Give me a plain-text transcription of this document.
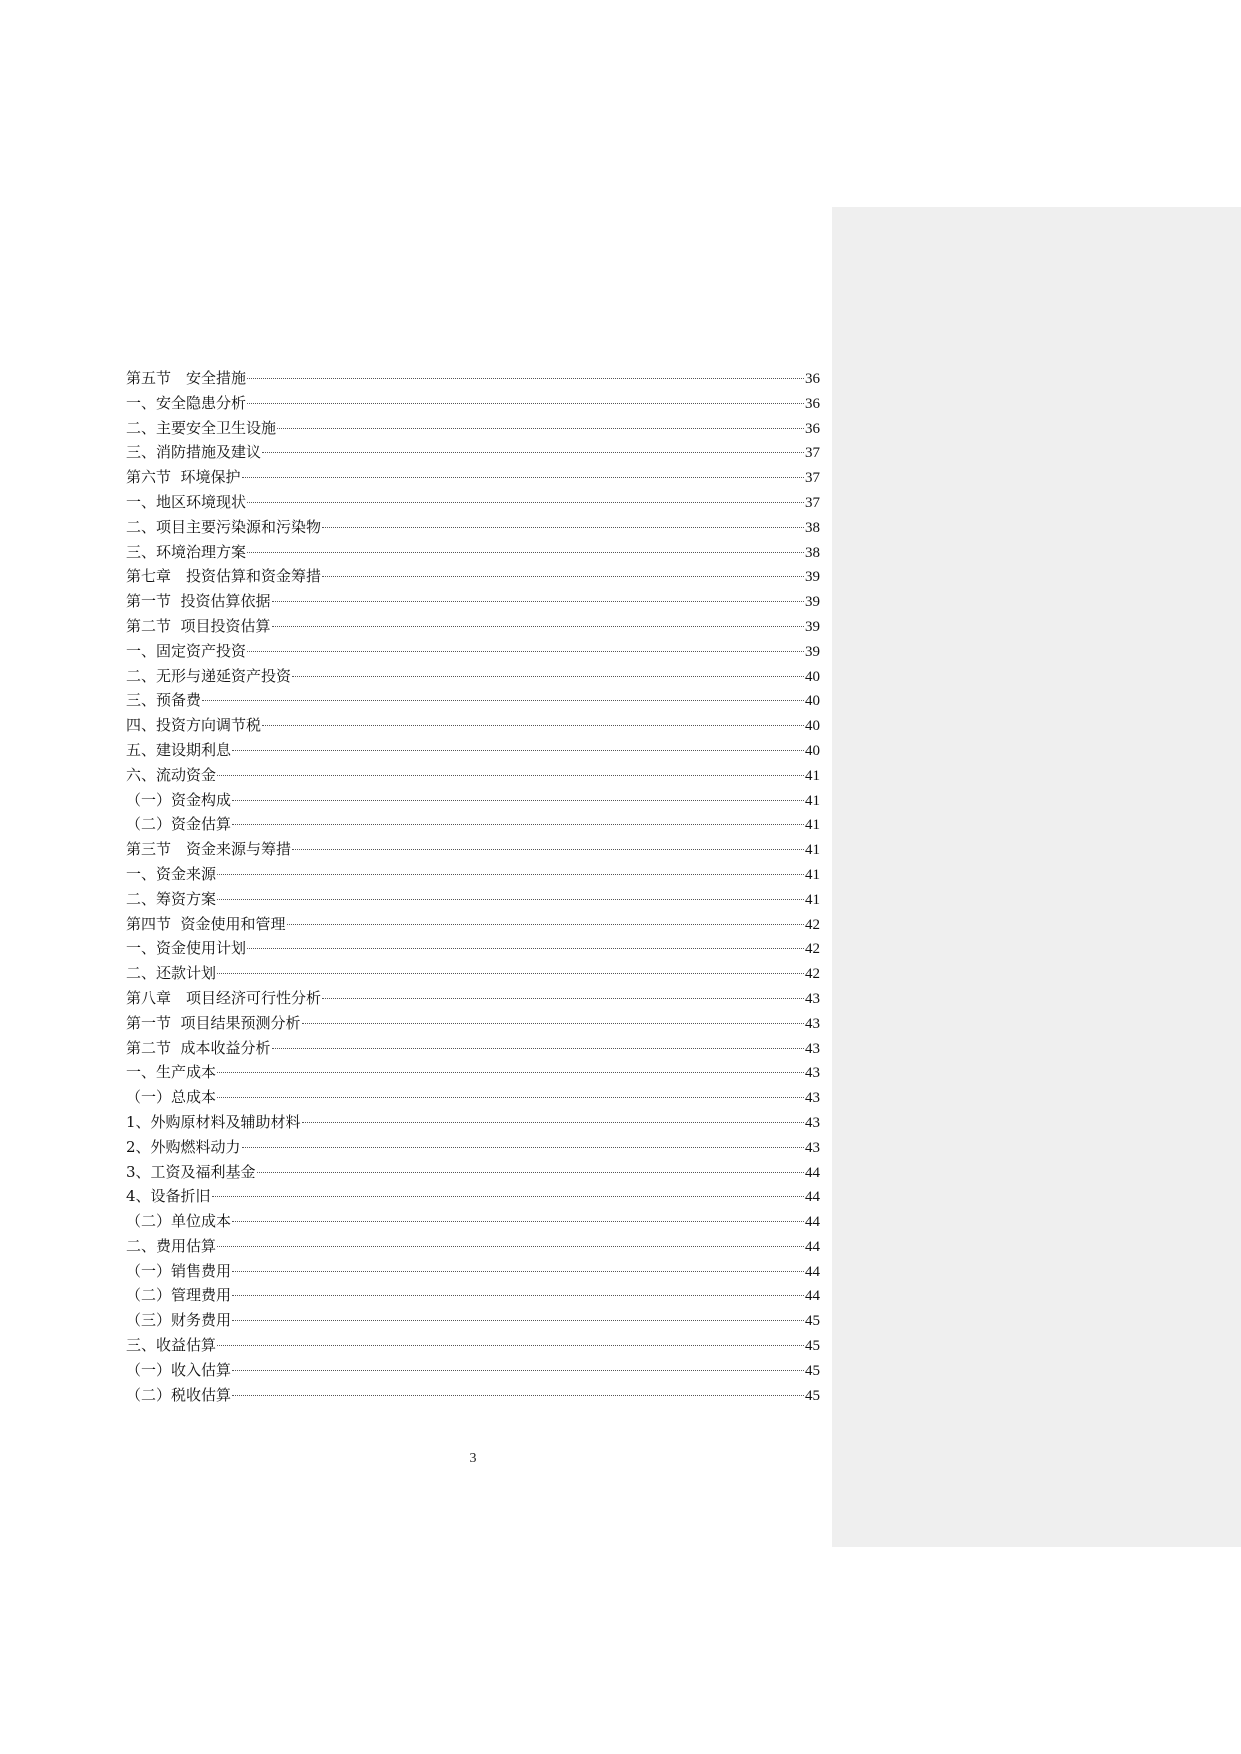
第五节　安全措施	36
一、安全隐患分析	36
二、主要安全卫生设施	36
三、消防措施及建议	37
第六节  环境保护	37
一、地区环境现状	37
二、项目主要污染源和污染物	38
三、环境治理方案	38
第七章　投资估算和资金筹措	39
第一节  投资估算依据	39
第二节  项目投资估算	39
一、固定资产投资	39
二、无形与递延资产投资	40
三、预备费	40
四、投资方向调节税	40
五、建设期利息	40
六、流动资金	41
（一）资金构成	41
（二）资金估算	41
第三节　资金来源与筹措	41
一、资金来源	41
二、筹资方案	41
第四节  资金使用和管理	42
一、资金使用计划	42
二、还款计划	42
第八章　项目经济可行性分析	43
第一节  项目结果预测分析	43
第二节  成本收益分析	43
一、生产成本	43
（一）总成本	43
1、外购原材料及辅助材料	43
2、外购燃料动力	43
3、工资及福利基金	44
4、设备折旧	44
（二）单位成本	44
二、费用估算	44
（一）销售费用	44
（二）管理费用	44
（三）财务费用	45
三、收益估算	45
（一）收入估算	45
（二）税收估算	45
3
